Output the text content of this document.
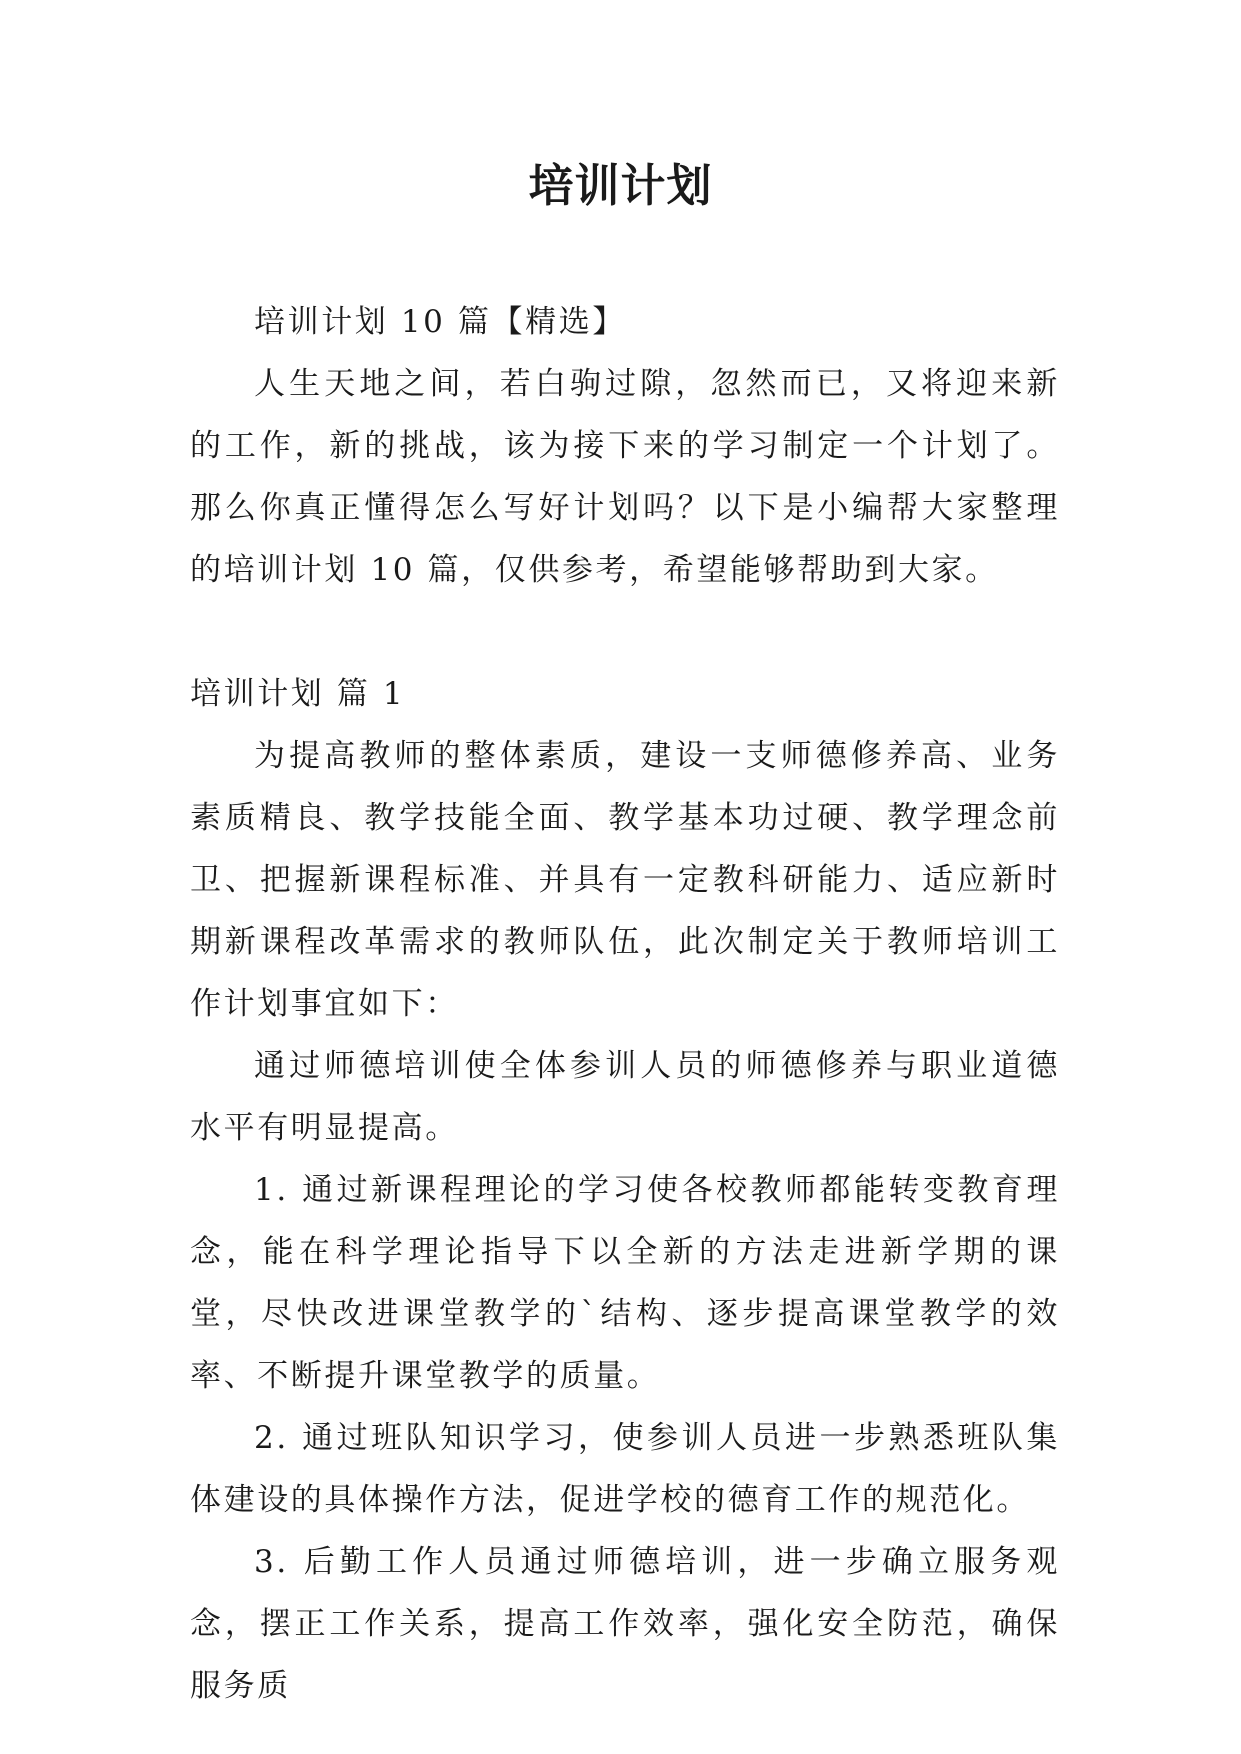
培训计划

培训计划 10 篇【精选】

人生天地之间，若白驹过隙，忽然而已，又将迎来新的工作，新的挑战，该为接下来的学习制定一个计划了。那么你真正懂得怎么写好计划吗？以下是小编帮大家整理的培训计划 10 篇，仅供参考，希望能够帮助到大家。

培训计划 篇 1

为提高教师的整体素质，建设一支师德修养高、业务素质精良、教学技能全面、教学基本功过硬、教学理念前卫、把握新课程标准、并具有一定教科研能力、适应新时期新课程改革需求的教师队伍，此次制定关于教师培训工作计划事宜如下：

通过师德培训使全体参训人员的师德修养与职业道德水平有明显提高。

1. 通过新课程理论的学习使各校教师都能转变教育理念，能在科学理论指导下以全新的方法走进新学期的课堂，尽快改进课堂教学的`结构、逐步提高课堂教学的效率、不断提升课堂教学的质量。

2. 通过班队知识学习，使参训人员进一步熟悉班队集体建设的具体操作方法，促进学校的德育工作的规范化。

3. 后勤工作人员通过师德培训，进一步确立服务观念，摆正工作关系，提高工作效率，强化安全防范，确保服务质
